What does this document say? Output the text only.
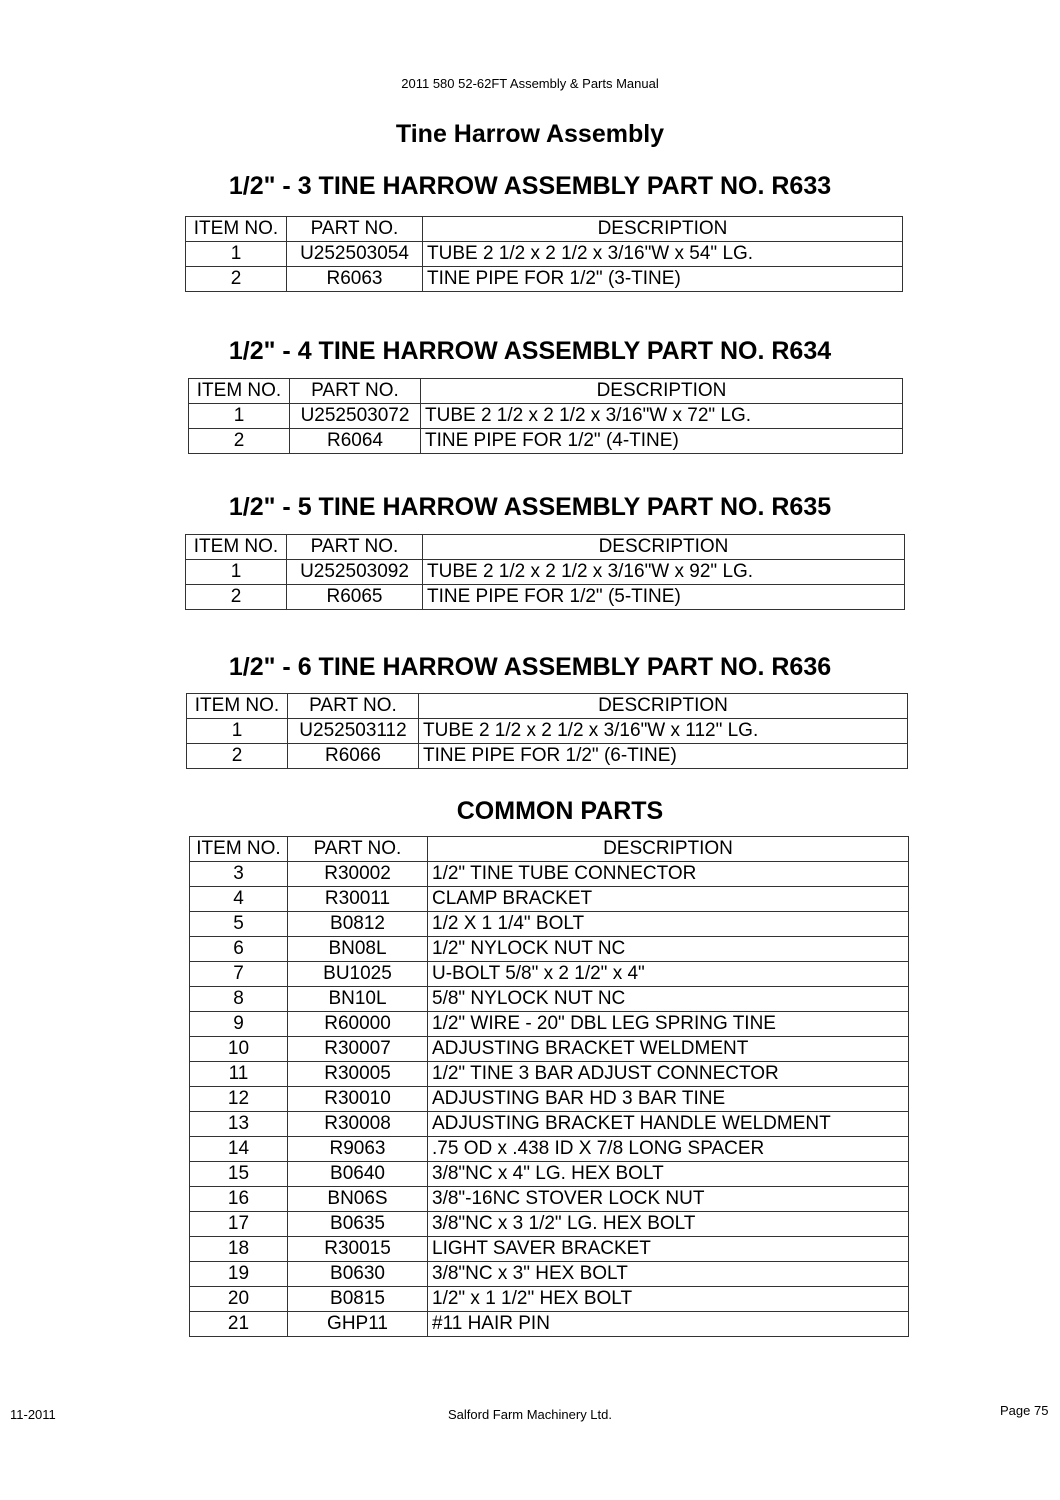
2011 580 52-62FT Assembly & Parts Manual
Tine Harrow Assembly
1/2" - 3 TINE HARROW ASSEMBLY PART NO. R633
ITEM NO.	PART NO.	DESCRIPTION
1	U252503054	TUBE 2 1/2 x 2 1/2 x 3/16"W x 54" LG.
2	R6063	TINE PIPE FOR 1/2" (3-TINE)
1/2" - 4 TINE HARROW ASSEMBLY PART NO. R634
ITEM NO.	PART NO.	DESCRIPTION
1	U252503072	TUBE 2 1/2 x 2 1/2 x 3/16"W x 72" LG.
2	R6064	TINE PIPE FOR 1/2" (4-TINE)
1/2" - 5 TINE HARROW ASSEMBLY PART NO. R635
ITEM NO.	PART NO.	DESCRIPTION
1	U252503092	TUBE 2 1/2 x 2 1/2 x 3/16"W x 92" LG.
2	R6065	TINE PIPE FOR 1/2" (5-TINE)
1/2" - 6 TINE HARROW ASSEMBLY PART NO. R636
ITEM NO.	PART NO.	DESCRIPTION
1	U252503112	TUBE 2 1/2 x 2 1/2 x 3/16"W x 112" LG.
2	R6066	TINE PIPE FOR 1/2" (6-TINE)
COMMON PARTS
ITEM NO.	PART NO.	DESCRIPTION
3	R30002	1/2" TINE TUBE CONNECTOR
4	R30011	CLAMP BRACKET
5	B0812	1/2 X 1 1/4" BOLT
6	BN08L	1/2" NYLOCK NUT NC
7	BU1025	U-BOLT 5/8" x 2 1/2" x 4"
8	BN10L	5/8" NYLOCK NUT NC
9	R60000	1/2" WIRE - 20" DBL LEG SPRING TINE
10	R30007	ADJUSTING BRACKET WELDMENT
11	R30005	1/2" TINE 3 BAR ADJUST CONNECTOR
12	R30010	ADJUSTING BAR HD 3 BAR TINE
13	R30008	ADJUSTING BRACKET HANDLE WELDMENT
14	R9063	.75 OD x .438 ID X 7/8 LONG SPACER
15	B0640	3/8"NC x 4" LG. HEX BOLT
16	BN06S	3/8"-16NC STOVER LOCK NUT
17	B0635	3/8"NC x 3 1/2" LG. HEX BOLT
18	R30015	LIGHT SAVER BRACKET
19	B0630	3/8"NC x 3" HEX BOLT
20	B0815	1/2" x 1 1/2" HEX BOLT
21	GHP11	#11 HAIR PIN
11-2011	Salford Farm Machinery Ltd.	Page 75
